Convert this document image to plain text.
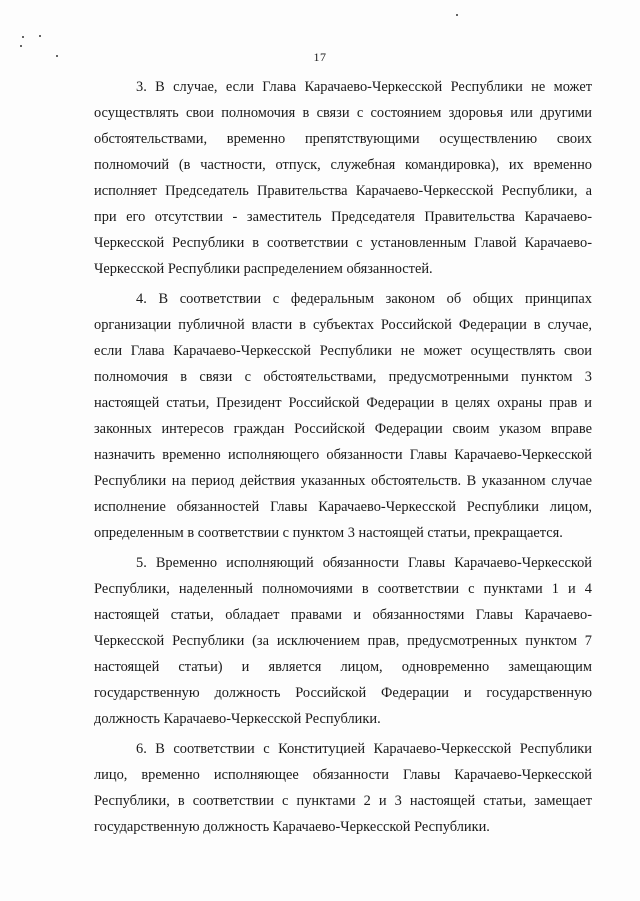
17
3. В случае, если Глава Карачаево-Черкесской Республики не может
осуществлять свои полномочия в связи с состоянием здоровья или другими
обстоятельствами, временно препятствующими осуществлению своих
полномочий (в частности, отпуск, служебная командировка), их временно
исполняет Председатель Правительства Карачаево-Черкесской Республики, а
при его отсутствии - заместитель Председателя Правительства Карачаево-
Черкесской Республики в соответствии с установленным Главой Карачаево-
Черкесской Республики распределением обязанностей.
4. В соответствии с федеральным законом об общих принципах
организации публичной власти в субъектах Российской Федерации в случае,
если Глава Карачаево-Черкесской Республики не может осуществлять свои
полномочия в связи с обстоятельствами, предусмотренными пунктом 3
настоящей статьи, Президент Российской Федерации в целях охраны прав и
законных интересов граждан Российской Федерации своим указом вправе
назначить временно исполняющего обязанности Главы Карачаево-Черкесской
Республики на период действия указанных обстоятельств. В указанном случае
исполнение обязанностей Главы Карачаево-Черкесской Республики лицом,
определенным в соответствии с пунктом 3 настоящей статьи, прекращается.
5. Временно исполняющий обязанности Главы Карачаево-Черкесской
Республики, наделенный полномочиями в соответствии с пунктами 1 и 4
настоящей статьи, обладает правами и обязанностями Главы Карачаево-
Черкесской Республики (за исключением прав, предусмотренных пунктом 7
настоящей статьи) и является лицом, одновременно замещающим
государственную должность Российской Федерации и государственную
должность Карачаево-Черкесской Республики.
6. В соответствии с Конституцией Карачаево-Черкесской Республики
лицо, временно исполняющее обязанности Главы Карачаево-Черкесской
Республики, в соответствии с пунктами 2 и 3 настоящей статьи, замещает
государственную должность Карачаево-Черкесской Республики.
